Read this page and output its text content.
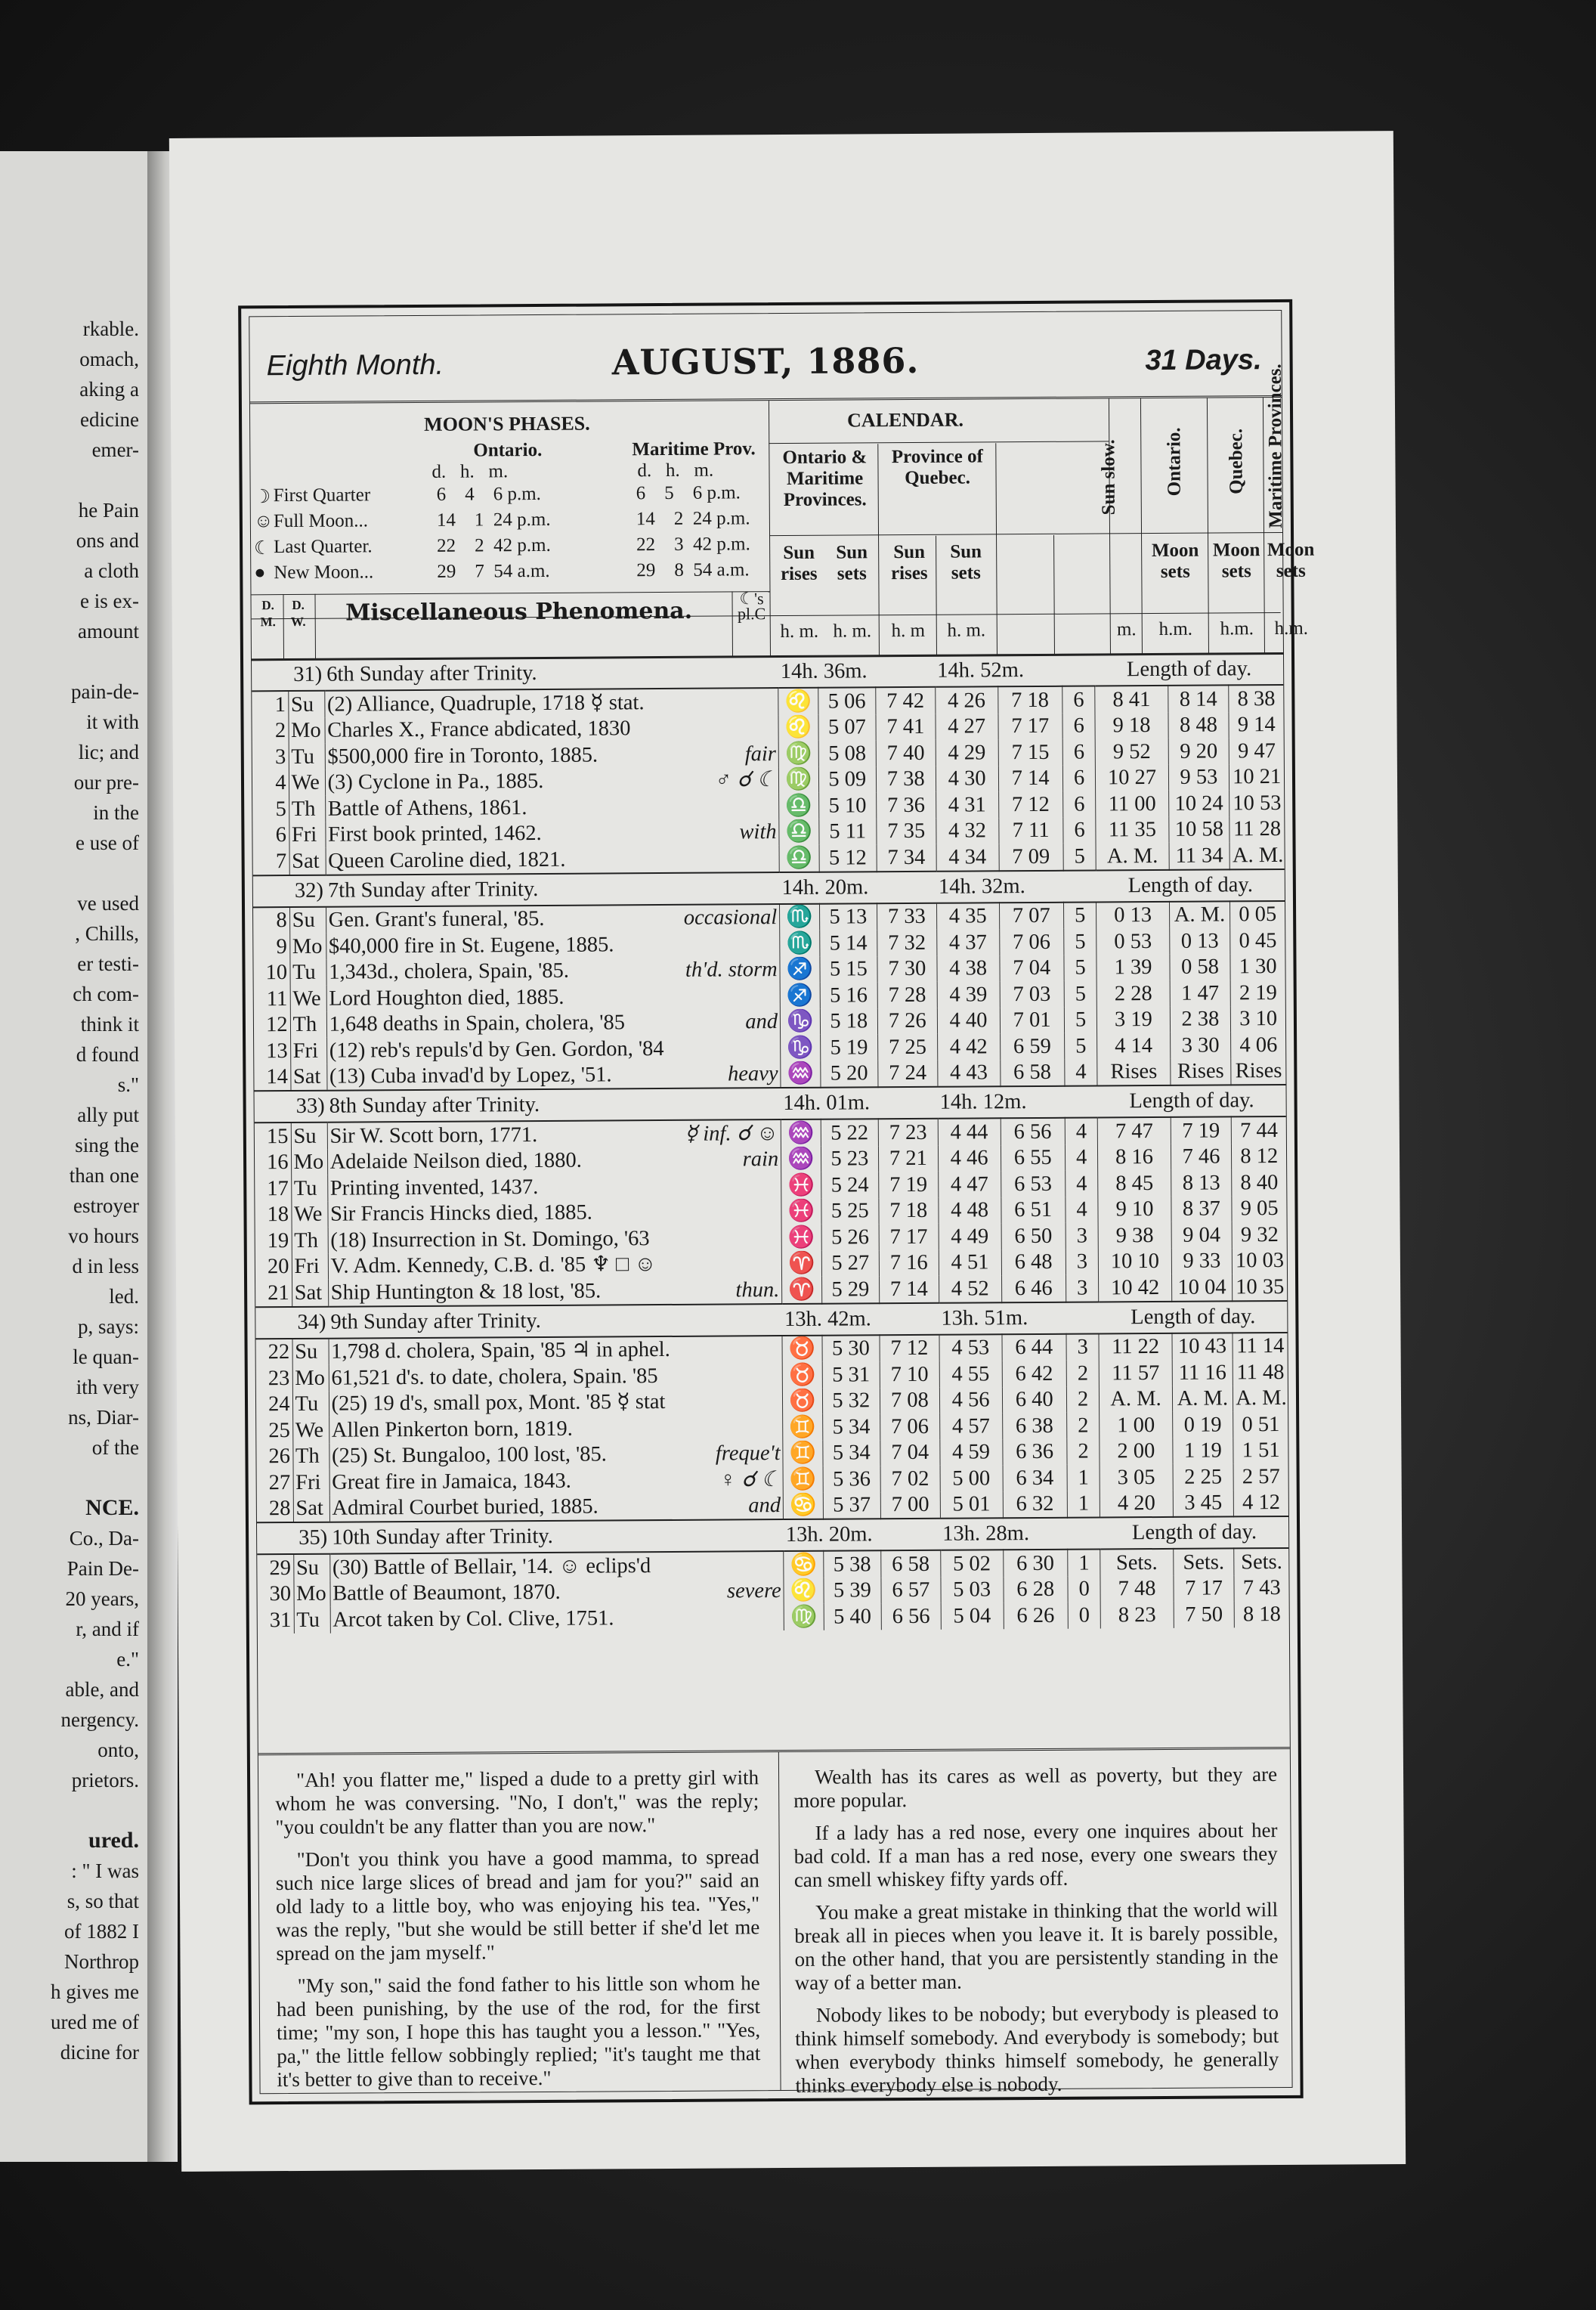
rkable.
omach,
aking a
edicine
emer-

he Pain
ons and
a cloth
e is ex-
amount

pain-de-
it with
lic; and
our pre-
in the
e use of

ve used
, Chills,
er testi-
ch com-
think it
d found
s."
ally put
sing the
than one
estroyer
vo hours
d in less
led.
p, says:
le quan-
ith very
ns, Diar-
of the

NCE.
Co., Da-
Pain De-
20 years,
r, and if
e."
able, and
nergency.
onto,
prietors.

ured.
: " I was
s, so that
of 1882 I
Northrop
h gives me
ured me of
dicine for
Eighth Month.	AUGUST, 1886.	31 Days.
MOON'S PHASES.
Ontario.	Maritime Prov.
d.   h.   m.	d.   h.   m.
☽ First Quarter	6    4    6 p.m.	6    5    6 p.m.
☺ Full Moon...	14    1  24 p.m.	14    2  24 p.m.
☾ Last Quarter.	22    2  42 p.m.	22    3  42 p.m.
● New Moon...	29    7  54 a.m.	29    8  54 a.m.
CALENDAR.
Ontario & Maritime Provinces.
Province of Quebec.
Sun rises
Sun sets
Sun rises
Sun sets
Sun slow. Ontario. Quebec. Maritime Provinces.
Moon sets
Moon sets
Moon sets
D. M.
D. W.	Miscellaneous Phenomena.	☾'s pl.C
h. m. h. m.	h. m	h. m.	m.	h.m.	h.m.	h.m.
31)		6th Sunday after Trinity.	14h. 36m.			14h. 52m.			Length of day.		
1	Su	(2) Alliance, Quadruple, 1718 ☿ stat.	♌	5 06	7 42	4 26	7 18	6	8 41	8 14	8 38
2	Mo	Charles X., France abdicated, 1830	♌	5 07	7 41	4 27	7 17	6	9 18	8 48	9 14
3	Tu	$500,000 fire in Toronto, 1885. fair	♍	5 08	7 40	4 29	7 15	6	9 52	9 20	9 47
4	We	(3) Cyclone in Pa., 1885. ♂ ☌ ☾	♍	5 09	7 38	4 30	7 14	6	10 27	9 53	10 21
5	Th	Battle of Athens, 1861.	♎	5 10	7 36	4 31	7 12	6	11 00	10 24	10 53
6	Fri	First book printed, 1462. with	♎	5 11	7 35	4 32	7 11	6	11 35	10 58	11 28
7	Sat	Queen Caroline died, 1821.	♎	5 12	7 34	4 34	7 09	5	A. M.	11 34	A. M.
32)		7th Sunday after Trinity.	14h. 20m.			14h. 32m.			Length of day.		
8	Su	Gen. Grant's funeral, '85. occasional	♏	5 13	7 33	4 35	7 07	5	0 13	A. M.	0 05
9	Mo	$40,000 fire in St. Eugene, 1885.	♏	5 14	7 32	4 37	7 06	5	0 53	0 13	0 45
10	Tu	1,343d., cholera, Spain, '85. th'd. storm	♐	5 15	7 30	4 38	7 04	5	1 39	0 58	1 30
11	We	Lord Houghton died, 1885.	♐	5 16	7 28	4 39	7 03	5	2 28	1 47	2 19
12	Th	1,648 deaths in Spain, cholera, '85 and	♑	5 18	7 26	4 40	7 01	5	3 19	2 38	3 10
13	Fri	(12) reb's repuls'd by Gen. Gordon, '84	♑	5 19	7 25	4 42	6 59	5	4 14	3 30	4 06
14	Sat	(13) Cuba invad'd by Lopez, '51. heavy	♒	5 20	7 24	4 43	6 58	4	Rises	Rises	Rises
33)		8th Sunday after Trinity.	14h. 01m.			14h. 12m.			Length of day.		
15	Su	Sir W. Scott born, 1771. ☿ inf. ☌ ☺	♒	5 22	7 23	4 44	6 56	4	7 47	7 19	7 44
16	Mo	Adelaide Neilson died, 1880. rain	♒	5 23	7 21	4 46	6 55	4	8 16	7 46	8 12
17	Tu	Printing invented, 1437.	♓	5 24	7 19	4 47	6 53	4	8 45	8 13	8 40
18	We	Sir Francis Hincks died, 1885.	♓	5 25	7 18	4 48	6 51	4	9 10	8 37	9 05
19	Th	(18) Insurrection in St. Domingo, '63	♓	5 26	7 17	4 49	6 50	3	9 38	9 04	9 32
20	Fri	V. Adm. Kennedy, C.B. d. '85 ♆ □ ☺	♈	5 27	7 16	4 51	6 48	3	10 10	9 33	10 03
21	Sat	Ship Huntington & 18 lost, '85. thun.	♈	5 29	7 14	4 52	6 46	3	10 42	10 04	10 35
34)		9th Sunday after Trinity.	13h. 42m.			13h. 51m.			Length of day.		
22	Su	1,798 d. cholera, Spain, '85 ♃ in aphel.	♉	5 30	7 12	4 53	6 44	3	11 22	10 43	11 14
23	Mo	61,521 d's. to date, cholera, Spain. '85	♉	5 31	7 10	4 55	6 42	2	11 57	11 16	11 48
24	Tu	(25) 19 d's, small pox, Mont. '85 ☿ stat	♉	5 32	7 08	4 56	6 40	2	A. M.	A. M.	A. M.
25	We	Allen Pinkerton born, 1819.	♊	5 34	7 06	4 57	6 38	2	1 00	0 19	0 51
26	Th	(25) St. Bungaloo, 100 lost, '85. freque't	♊	5 34	7 04	4 59	6 36	2	2 00	1 19	1 51
27	Fri	Great fire in Jamaica, 1843. ♀ ☌ ☾	♊	5 36	7 02	5 00	6 34	1	3 05	2 25	2 57
28	Sat	Admiral Courbet buried, 1885. and	♋	5 37	7 00	5 01	6 32	1	4 20	3 45	4 12
35)		10th Sunday after Trinity.	13h. 20m.			13h. 28m.			Length of day.		
29	Su	(30) Battle of Bellair, '14. ☺ eclips'd	♋	5 38	6 58	5 02	6 30	1	Sets.	Sets.	Sets.
30	Mo	Battle of Beaumont, 1870. severe	♌	5 39	6 57	5 03	6 28	0	7 48	7 17	7 43
31	Tu	Arcot taken by Col. Clive, 1751.	♍	5 40	6 56	5 04	6 26	0	8 23	7 50	8 18

"Ah! you flatter me," lisped a dude to a pretty girl with whom he was conversing. "No, I don't," was the reply; "you couldn't be any flatter than you are now."

"Don't you think you have a good mamma, to spread such nice large slices of bread and jam for you?" said an old lady to a little boy, who was enjoying his tea. "Yes," was the reply, "but she would be still better if she'd let me spread on the jam myself."

"My son," said the fond father to his little son whom he had been punishing, by the use of the rod, for the first time; "my son, I hope this has taught you a lesson." "Yes, pa," the little fellow sobbingly replied; "it's taught me that it's better to give than to receive."

Wealth has its cares as well as poverty, but they are more popular.

If a lady has a red nose, every one inquires about her bad cold. If a man has a red nose, every one swears they can smell whiskey fifty yards off.

You make a great mistake in thinking that the world will break all in pieces when you leave it. It is barely possible, on the other hand, that you are persistently standing in the way of a better man.

Nobody likes to be nobody; but everybody is pleased to think himself somebody. And everybody is somebody; but when everybody thinks himself somebody, he generally thinks everybody else is nobody.
